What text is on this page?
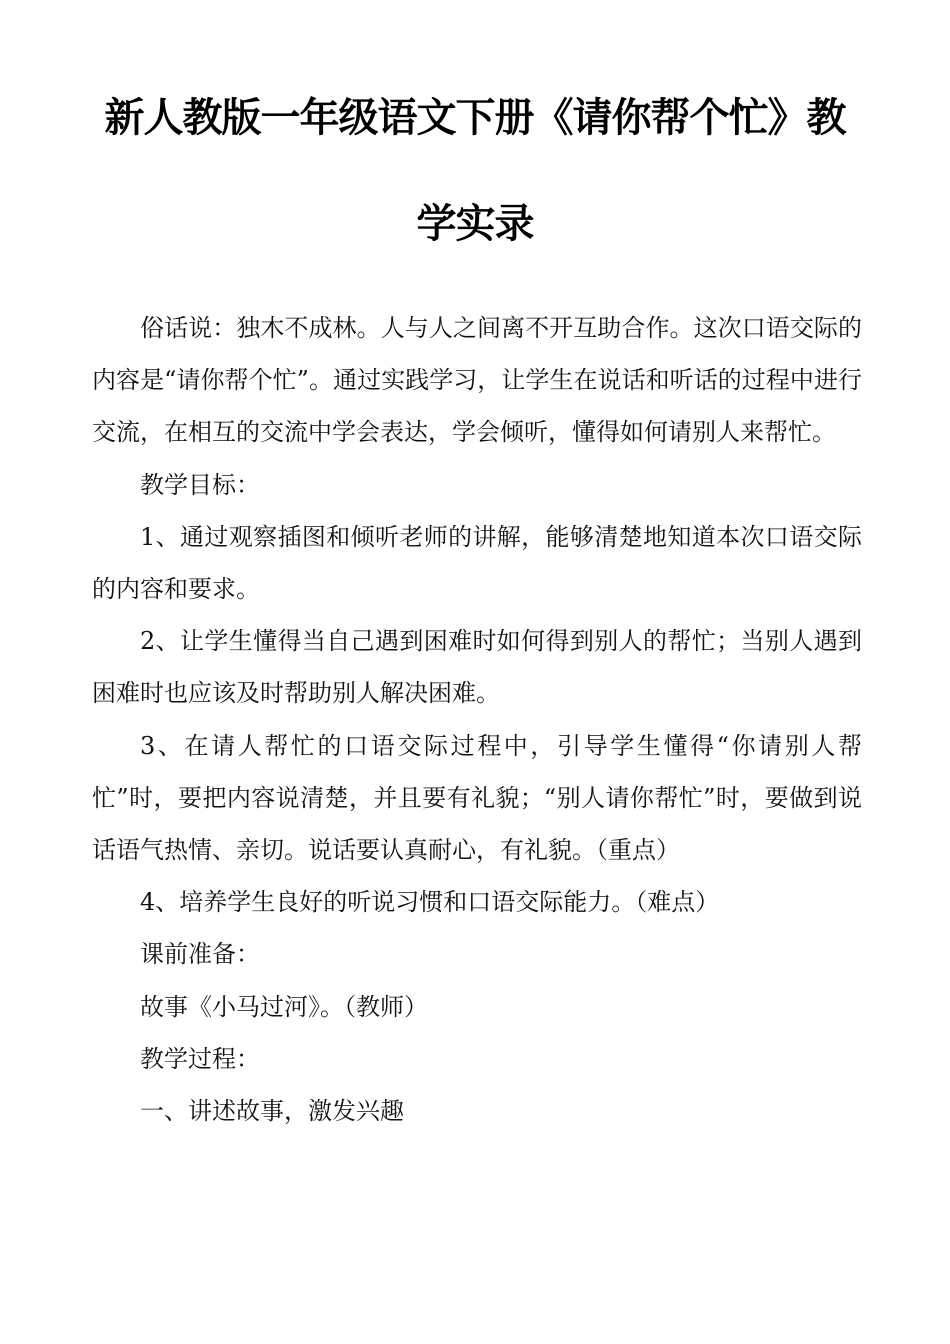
新人教版一年级语文下册《请你帮个忙》教
学实录

俗话说：独木不成林。人与人之间离不开互助合作。这次口语交际的内容是“请你帮个忙”。通过实践学习，让学生在说话和听话的过程中进行交流，在相互的交流中学会表达，学会倾听，懂得如何请别人来帮忙。

教学目标：

1、通过观察插图和倾听老师的讲解，能够清楚地知道本次口语交际的内容和要求。

2、让学生懂得当自己遇到困难时如何得到别人的帮忙；当别人遇到困难时也应该及时帮助别人解决困难。

3、在请人帮忙的口语交际过程中，引导学生懂得“你请别人帮忙”时，要把内容说清楚，并且要有礼貌；“别人请你帮忙”时，要做到说话语气热情、亲切。说话要认真耐心，有礼貌。（重点）

4、培养学生良好的听说习惯和口语交际能力。（难点）

课前准备：

故事《小马过河》。（教师）

教学过程：

一、讲述故事，激发兴趣
